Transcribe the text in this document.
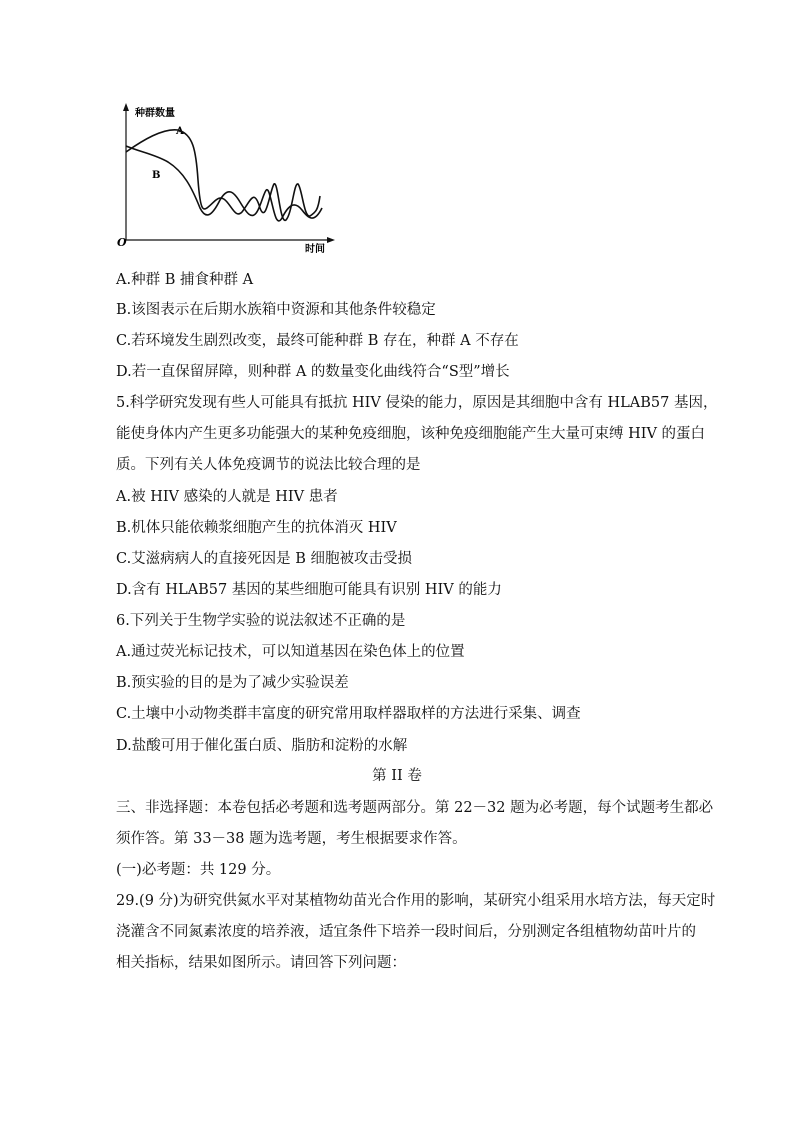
种群数量
时间
O
A
B
A.种群 B 捕食种群 A
B.该图表示在后期水族箱中资源和其他条件较稳定
C.若环境发生剧烈改变，最终可能种群 B 存在，种群 A 不存在
D.若一直保留屏障，则种群 A 的数量变化曲线符合“S型”增长
5.科学研究发现有些人可能具有抵抗 HIV 侵染的能力，原因是其细胞中含有 HLAB57 基因，
能使身体内产生更多功能强大的某种免疫细胞，该种免疫细胞能产生大量可束缚 HIV 的蛋白
质。下列有关人体免疫调节的说法比较合理的是
A.被 HIV 感染的人就是 HIV 患者
B.机体只能依赖浆细胞产生的抗体消灭 HIV
C.艾滋病病人的直接死因是 B 细胞被攻击受损
D.含有 HLAB57 基因的某些细胞可能具有识别 HIV 的能力
6.下列关于生物学实验的说法叙述不正确的是
A.通过荧光标记技术，可以知道基因在染色体上的位置
B.预实验的目的是为了减少实验误差
C.土壤中小动物类群丰富度的研究常用取样器取样的方法进行采集、调查
D.盐酸可用于催化蛋白质、脂肪和淀粉的水解
第 II 卷
三、非选择题：本卷包括必考题和选考题两部分。第 22－32 题为必考题，每个试题考生都必
须作答。第 33－38 题为选考题，考生根据要求作答。
(一)必考题：共 129 分。
29.(9 分)为研究供氮水平对某植物幼苗光合作用的影响，某研究小组采用水培方法，每天定时
浇灌含不同氮素浓度的培养液，适宜条件下培养一段时间后，分别测定各组植物幼苗叶片的
相关指标，结果如图所示。请回答下列问题：
